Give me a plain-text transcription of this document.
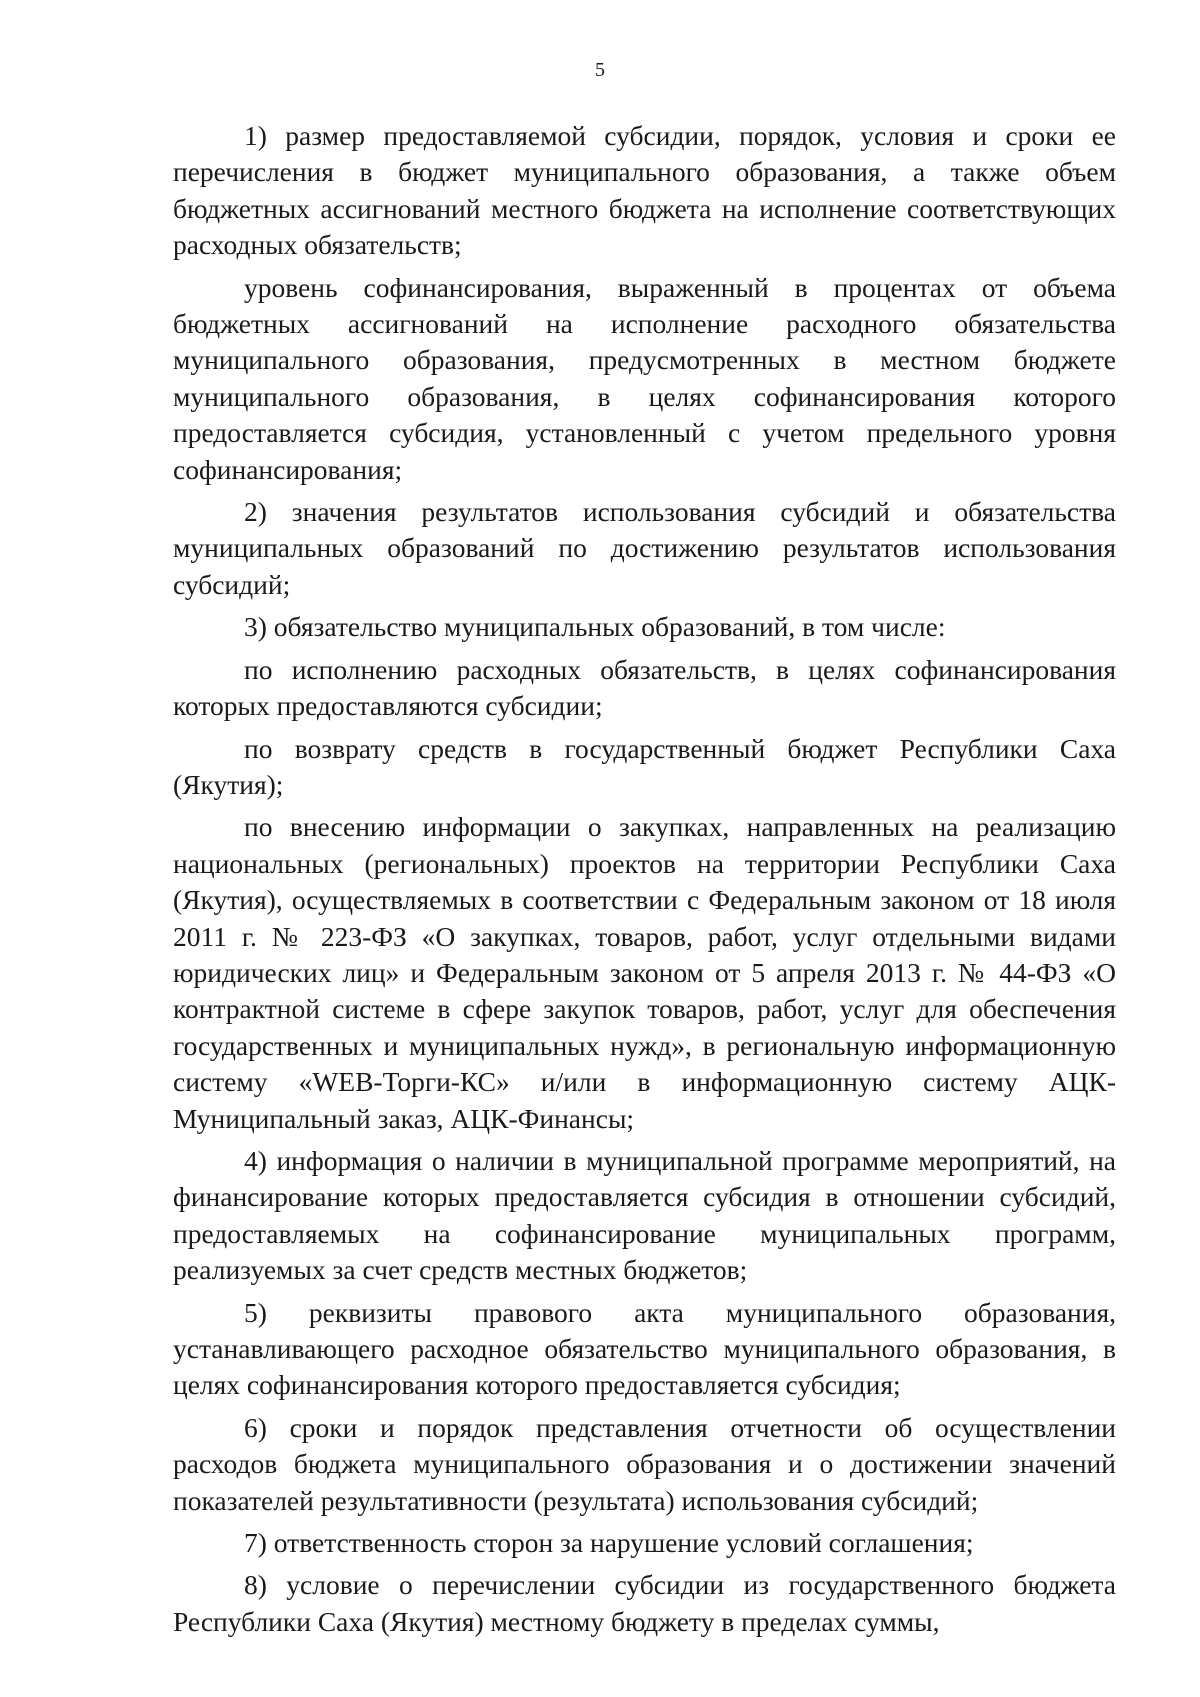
5

1) размер предоставляемой субсидии, порядок, условия и сроки ее перечисления в бюджет муниципального образования, а также объем бюджетных ассигнований местного бюджета на исполнение соответствующих расходных обязательств;

уровень софинансирования, выраженный в процентах от объема бюджетных ассигнований на исполнение расходного обязательства муниципального образования, предусмотренных в местном бюджете муниципального образования, в целях софинансирования которого предоставляется субсидия, установленный с учетом предельного уровня софинансирования;

2) значения результатов использования субсидий и обязательства муниципальных образований по достижению результатов использования субсидий;

3) обязательство муниципальных образований, в том числе:

по исполнению расходных обязательств, в целях софинансирования которых предоставляются субсидии;

по возврату средств в государственный бюджет Республики Саха (Якутия);

по внесению информации о закупках, направленных на реализацию национальных (региональных) проектов на территории Республики Саха (Якутия), осуществляемых в соответствии с Федеральным законом от 18 июля 2011 г. № 223-ФЗ «О закупках, товаров, работ, услуг отдельными видами юридических лиц» и Федеральным законом от 5 апреля 2013 г. № 44-ФЗ «О контрактной системе в сфере закупок товаров, работ, услуг для обеспечения государственных и муниципальных нужд», в региональную информационную систему «WEB-Торги-КС» и/или в информационную систему АЦК-Муниципальный заказ, АЦК-Финансы;

4) информация о наличии в муниципальной программе мероприятий, на финансирование которых предоставляется субсидия в отношении субсидий, предоставляемых на софинансирование муниципальных программ, реализуемых за счет средств местных бюджетов;

5) реквизиты правового акта муниципального образования, устанавливающего расходное обязательство муниципального образования, в целях софинансирования которого предоставляется субсидия;

6) сроки и порядок представления отчетности об осуществлении расходов бюджета муниципального образования и о достижении значений показателей результативности (результата) использования субсидий;

7) ответственность сторон за нарушение условий соглашения;

8) условие о перечислении субсидии из государственного бюджета Республики Саха (Якутия) местному бюджету в пределах суммы,
